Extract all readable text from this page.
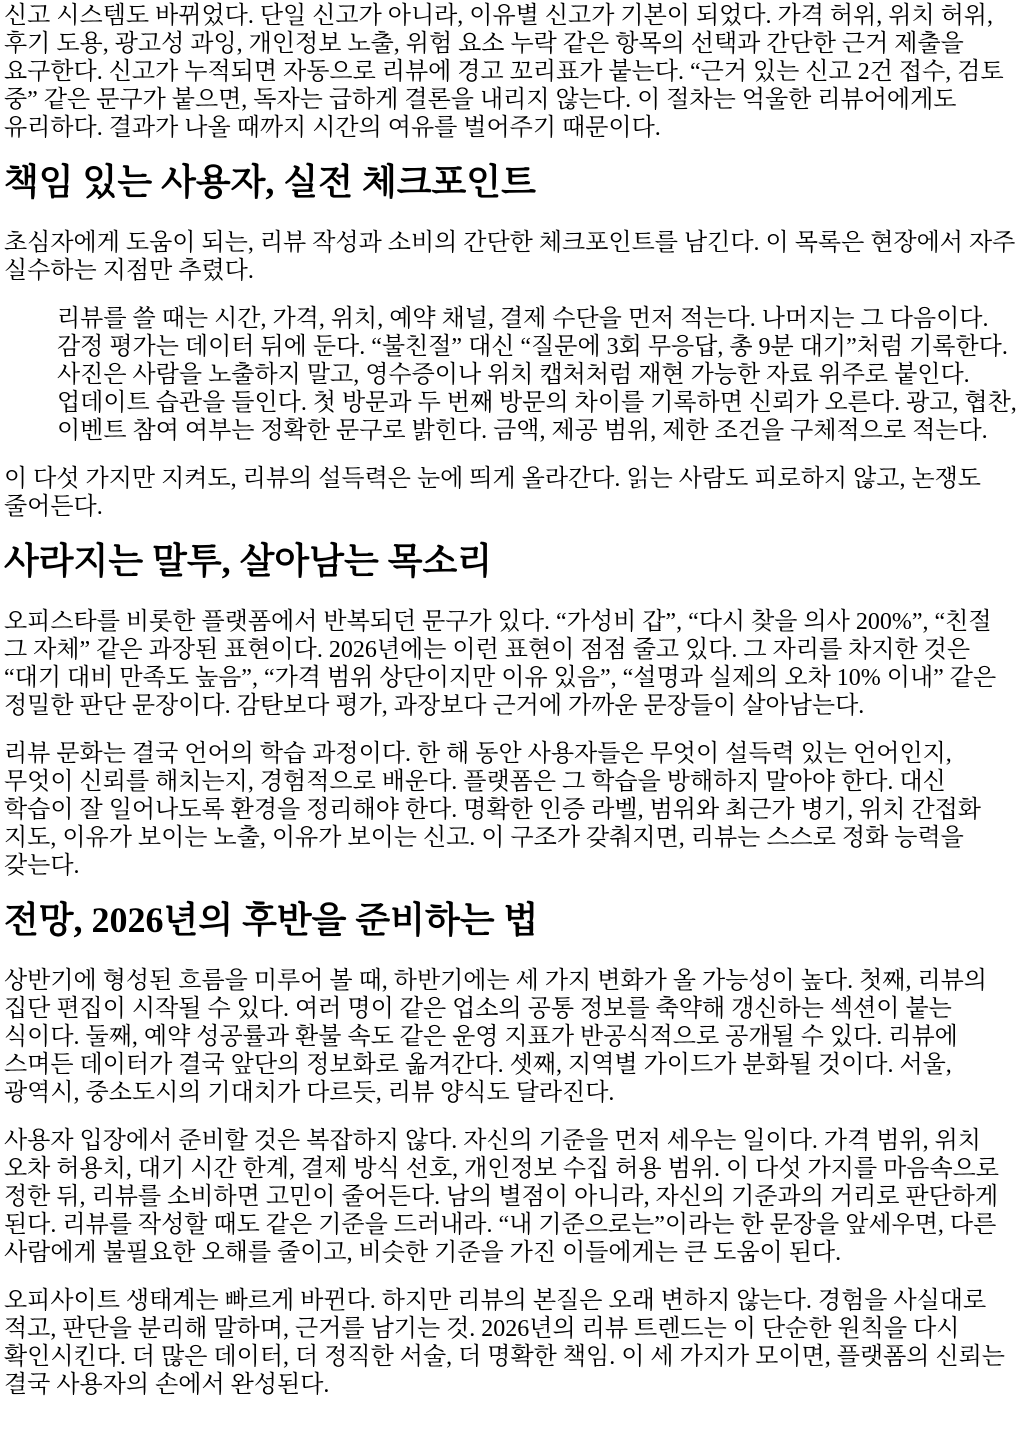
신고 시스템도 바뀌었다. 단일 신고가 아니라, 이유별 신고가 기본이 되었다. 가격 허위, 위치 허위, 후기 도용, 광고성 과잉, 개인정보 노출, 위험 요소 누락 같은 항목의 선택과 간단한 근거 제출을 요구한다. 신고가 누적되면 자동으로 리뷰에 경고 꼬리표가 붙는다. “근거 있는 신고 2건 접수, 검토 중” 같은 문구가 붙으면, 독자는 급하게 결론을 내리지 않는다. 이 절차는 억울한 리뷰어에게도 유리하다. 결과가 나올 때까지 시간의 여유를 벌어주기 때문이다.

책임 있는 사용자, 실전 체크포인트

초심자에게 도움이 되는, 리뷰 작성과 소비의 간단한 체크포인트를 남긴다. 이 목록은 현장에서 자주 실수하는 지점만 추렸다.

리뷰를 쓸 때는 시간, 가격, 위치, 예약 채널, 결제 수단을 먼저 적는다. 나머지는 그 다음이다. 감정 평가는 데이터 뒤에 둔다. “불친절” 대신 “질문에 3회 무응답, 총 9분 대기”처럼 기록한다. 사진은 사람을 노출하지 말고, 영수증이나 위치 캡처처럼 재현 가능한 자료 위주로 붙인다. 업데이트 습관을 들인다. 첫 방문과 두 번째 방문의 차이를 기록하면 신뢰가 오른다. 광고, 협찬, 이벤트 참여 여부는 정확한 문구로 밝힌다. 금액, 제공 범위, 제한 조건을 구체적으로 적는다.

이 다섯 가지만 지켜도, 리뷰의 설득력은 눈에 띄게 올라간다. 읽는 사람도 피로하지 않고, 논쟁도 줄어든다.

사라지는 말투, 살아남는 목소리

오피스타를 비롯한 플랫폼에서 반복되던 문구가 있다. “가성비 갑”, “다시 찾을 의사 200%”, “친절 그 자체” 같은 과장된 표현이다. 2026년에는 이런 표현이 점점 줄고 있다. 그 자리를 차지한 것은 “대기 대비 만족도 높음”, “가격 범위 상단이지만 이유 있음”, “설명과 실제의 오차 10% 이내” 같은 정밀한 판단 문장이다. 감탄보다 평가, 과장보다 근거에 가까운 문장들이 살아남는다.

리뷰 문화는 결국 언어의 학습 과정이다. 한 해 동안 사용자들은 무엇이 설득력 있는 언어인지, 무엇이 신뢰를 해치는지, 경험적으로 배운다. 플랫폼은 그 학습을 방해하지 말아야 한다. 대신 학습이 잘 일어나도록 환경을 정리해야 한다. 명확한 인증 라벨, 범위와 최근가 병기, 위치 간접화 지도, 이유가 보이는 노출, 이유가 보이는 신고. 이 구조가 갖춰지면, 리뷰는 스스로 정화 능력을 갖는다.

전망, 2026년의 후반을 준비하는 법

상반기에 형성된 흐름을 미루어 볼 때, 하반기에는 세 가지 변화가 올 가능성이 높다. 첫째, 리뷰의 집단 편집이 시작될 수 있다. 여러 명이 같은 업소의 공통 정보를 축약해 갱신하는 섹션이 붙는 식이다. 둘째, 예약 성공률과 환불 속도 같은 운영 지표가 반공식적으로 공개될 수 있다. 리뷰에 스며든 데이터가 결국 앞단의 정보화로 옮겨간다. 셋째, 지역별 가이드가 분화될 것이다. 서울, 광역시, 중소도시의 기대치가 다르듯, 리뷰 양식도 달라진다.

사용자 입장에서 준비할 것은 복잡하지 않다. 자신의 기준을 먼저 세우는 일이다. 가격 범위, 위치 오차 허용치, 대기 시간 한계, 결제 방식 선호, 개인정보 수집 허용 범위. 이 다섯 가지를 마음속으로 정한 뒤, 리뷰를 소비하면 고민이 줄어든다. 남의 별점이 아니라, 자신의 기준과의 거리로 판단하게 된다. 리뷰를 작성할 때도 같은 기준을 드러내라. “내 기준으로는”이라는 한 문장을 앞세우면, 다른 사람에게 불필요한 오해를 줄이고, 비슷한 기준을 가진 이들에게는 큰 도움이 된다.

오피사이트 생태계는 빠르게 바뀐다. 하지만 리뷰의 본질은 오래 변하지 않는다. 경험을 사실대로 적고, 판단을 분리해 말하며, 근거를 남기는 것. 2026년의 리뷰 트렌드는 이 단순한 원칙을 다시 확인시킨다. 더 많은 데이터, 더 정직한 서술, 더 명확한 책임. 이 세 가지가 모이면, 플랫폼의 신뢰는 결국 사용자의 손에서 완성된다.
